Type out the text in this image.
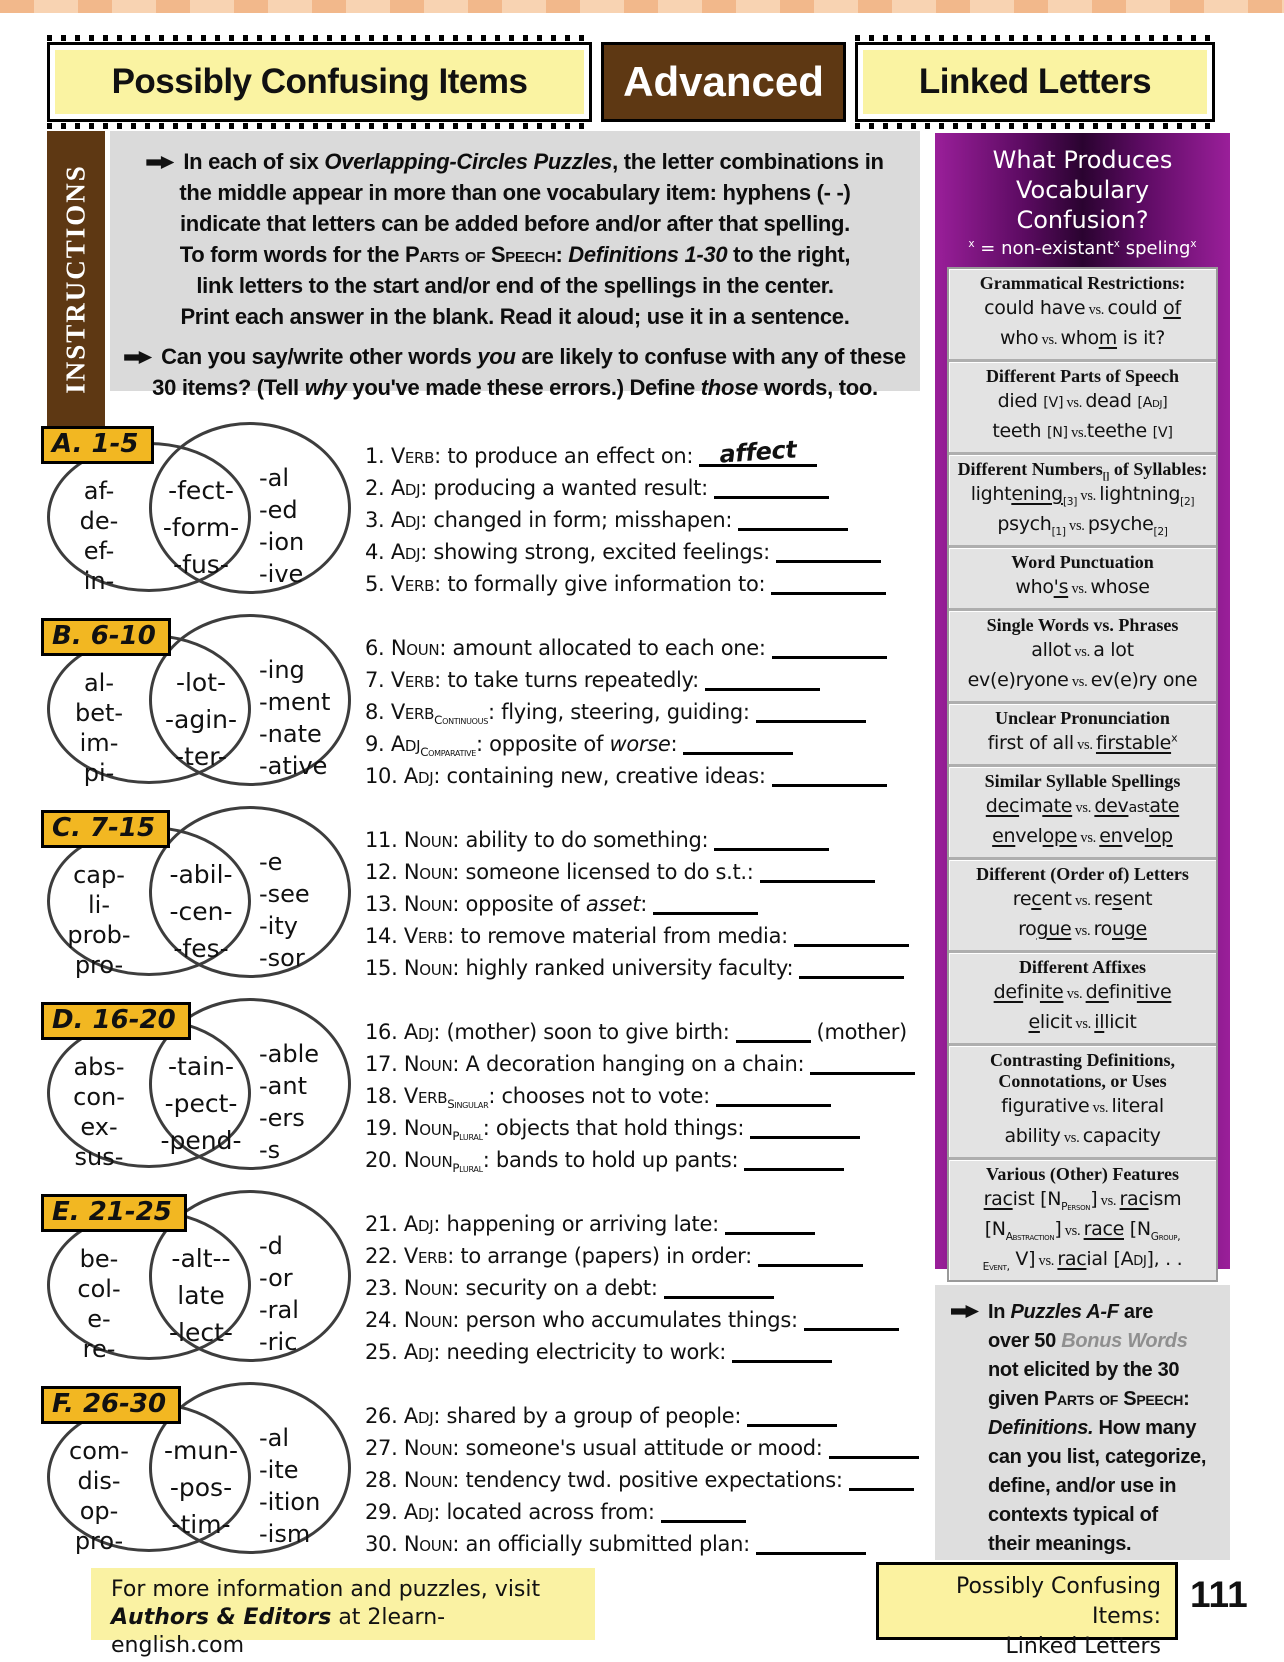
Possibly Confusing Items	Advanced	Linked Letters
INSTRUCTIONS
In each of six Overlapping-Circles Puzzles, the letter combinations in
the middle appear in more than one vocabulary item: hyphens (- -)
indicate that letters can be added before and/or after that spelling.
To form words for the Parts of Speech: Definitions 1-30 to the right,
link letters to the start and/or end of the spellings in the center.
Print each answer in the blank. Read it aloud; use it in a sentence.
Can you say/write other words you are likely to confuse with any of these
30 items? (Tell why you've made these errors.) Define those words, too.
A. 1-5
af-
de-
ef-
in-
-fect-
-form-
-fus-
-al
-ed
-ion
-ive
1. Verb: to produce an effect on:	affect
2. Adj: producing a wanted result:
3. Adj: changed in form; misshapen:
4. Adj: showing strong, excited feelings:
5. Verb: to formally give information to:
B. 6-10
al-
bet-
im-
pi-
-lot-
-agin-
-ter-
-ing
-ment
-nate
-ative
6. Noun: amount allocated to each one:
7. Verb: to take turns repeatedly:
8. Verb$_{Continuous}$: flying, steering, guiding:
9. Adj$_{Comparative}$: opposite of worse:
10. Adj: containing new, creative ideas:
C. 7-15
cap-
li-
prob-
pro-
-abil-
-cen-
-fes-
-e
-see
-ity
-sor
11. Noun: ability to do something:
12. Noun: someone licensed to do s.t.:
13. Noun: opposite of asset:
14. Verb: to remove material from media:
15. Noun: highly ranked university faculty:
D. 16-20
abs-
con-
ex-
sus-
-tain-
-pect-
-pend-
-able
-ant
-ers
-s
16. Adj: (mother) soon to give birth:	(mother)
17. Noun: A decoration hanging on a chain:
18. Verb$_{Singular}$: chooses not to vote:
19. Noun$_{Plural}$: objects that hold things:
20. Noun$_{Plural}$: bands to hold up pants:
E. 21-25
be-
col-
e-
re-
-alt--
late
-lect-
-d
-or
-ral
-ric
21. Adj: happening or arriving late:
22. Verb: to arrange (papers) in order:
23. Noun: security on a debt:
24. Noun: person who accumulates things:
25. Adj: needing electricity to work:
F. 26-30
com-
dis-
op-
pro-
-mun-
-pos-
-tim-
-al
-ite
-ition
-ism
26. Adj: shared by a group of people:
27. Noun: someone's usual attitude or mood:
28. Noun: tendency twd. positive expectations:
29. Adj: located across from:
30. Noun: an officially submitted plan:
What Produces
Vocabulary Confusion?
$^x$ = non-existant$^x$ speling$^x$
Grammatical Restrictions:
could have vs. could of
who vs. whom is it?
Different Parts of Speech
died [V] vs. dead [Adj]
teeth [N] vs.teethe [V]
Different Numbers$_{[]}$ of Syllables:
lightening$_{[3]}$ vs. lightning$_{[2]}$
psych$_{[1]}$ vs. psyche$_{[2]}$
Word Punctuation
who's vs. whose
Single Words vs. Phrases
allot vs. a lot
ev(e)ryone vs. ev(e)ry one
Unclear Pronunciation
first of all vs. firstable$^x$
Similar Syllable Spellings
decimate vs. devastate
envelope vs. envelop
Different (Order of) Letters
recent vs. resent
rogue vs. rouge
Different Affixes
definite vs. definitive
elicit vs. illicit
Contrasting Definitions,
Connotations, or Uses
figurative vs. literal
ability vs. capacity
Various (Other) Features
racist $[N_{Person}]$ vs. racism
$[N_{Abstraction}]$ vs. race [$N_{Group,}$
$_{Event,}$ V] vs. racial [Adj], . .
In Puzzles A-F are
over 50 Bonus Words
not elicited by the 30
given Parts of Speech:
Definitions. How many
can you list, categorize,
define, and/or use in
contexts typical of
their meanings.
For more information and puzzles, visit
Authors & Editors at 2learn-english.com
Possibly Confusing Items:
Linked Letters
111
